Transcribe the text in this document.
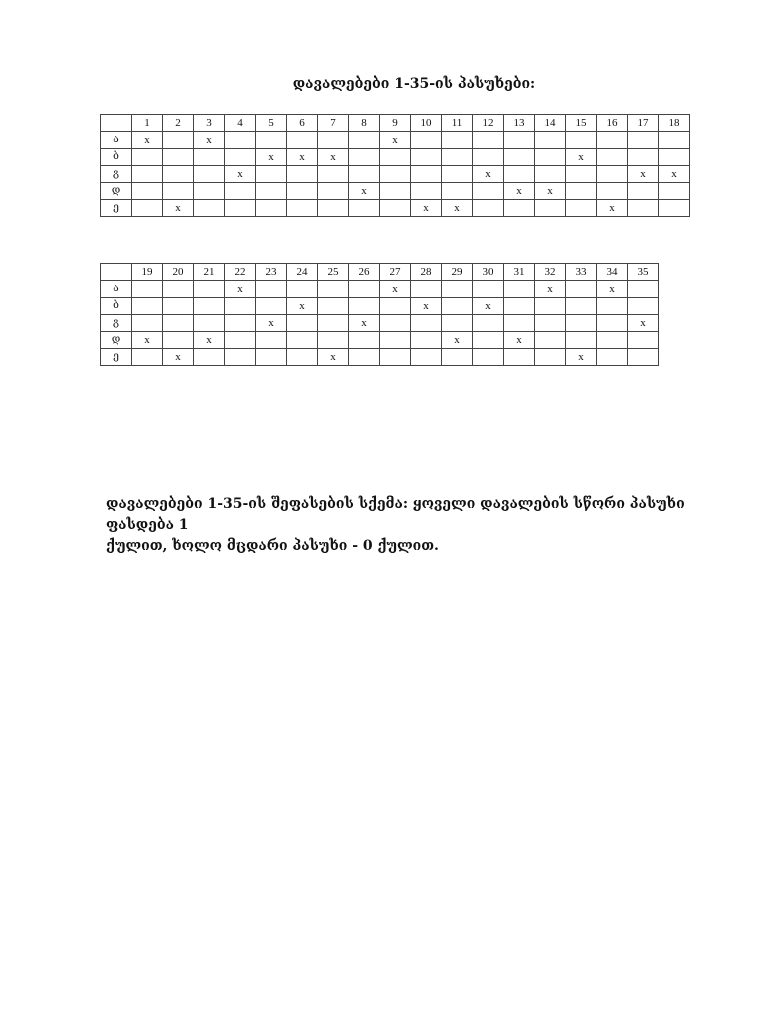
დავალებები 1-35-ის პასუხები:
	1	2	3	4	5	6	7	8	9	10	11	12	13	14	15	16	17	18
ა	x		x						x									
ბ					x	x	x								x			
გ				x								x					x	x
დ								x					x	x				
ე		x								x	x					x		
	19	20	21	22	23	24	25	26	27	28	29	30	31	32	33	34	35
ა				x					x					x		x	
ბ						x				x		x					
გ					x			x									x
დ	x		x								x		x				
ე		x					x								x		
დავალებები 1-35-ის შეფასების სქემა: ყოველი დავალების სწორი პასუხი ფასდება 1
ქულით, ხოლო მცდარი პასუხი - 0 ქულით.
